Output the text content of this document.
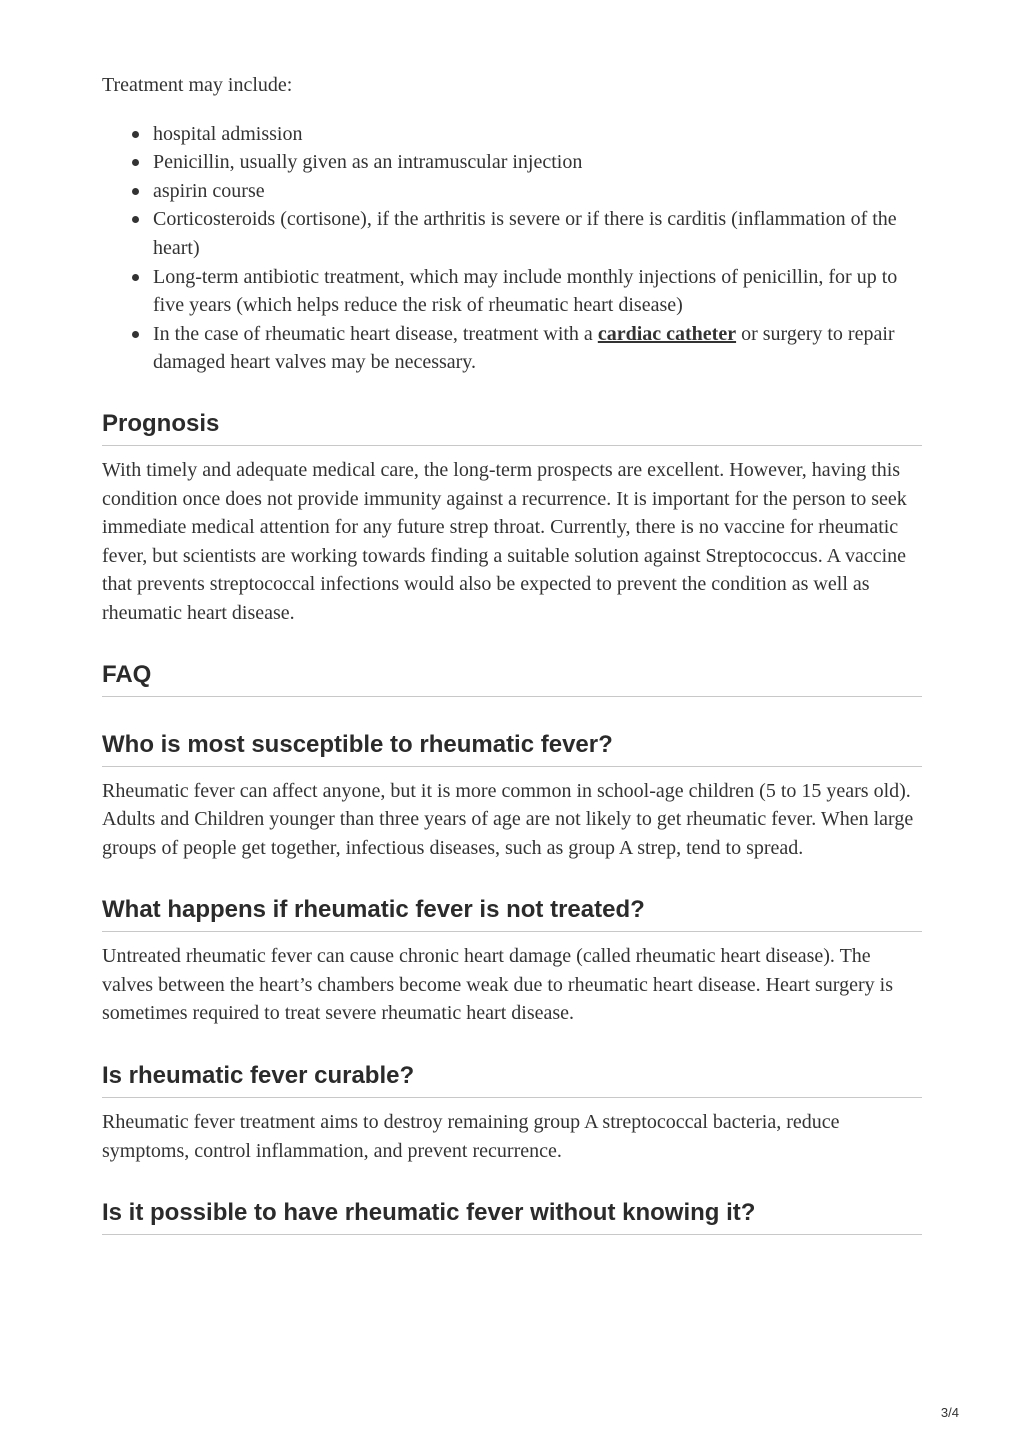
Treatment may include:

hospital admission
Penicillin, usually given as an intramuscular injection
aspirin course
Corticosteroids (cortisone), if the arthritis is severe or if there is carditis (inflammation of the heart)
Long-term antibiotic treatment, which may include monthly injections of penicillin, for up to five years (which helps reduce the risk of rheumatic heart disease)
In the case of rheumatic heart disease, treatment with a cardiac catheter or surgery to repair damaged heart valves may be necessary.
Prognosis

With timely and adequate medical care, the long-term prospects are excellent. However, having this condition once does not provide immunity against a recurrence. It is important for the person to seek immediate medical attention for any future strep throat. Currently, there is no vaccine for rheumatic fever, but scientists are working towards finding a suitable solution against Streptococcus. A vaccine that prevents streptococcal infections would also be expected to prevent the condition as well as rheumatic heart disease.

FAQ
Who is most susceptible to rheumatic fever?

Rheumatic fever can affect anyone, but it is more common in school-age children (5 to 15 years old). Adults and Children younger than three years of age are not likely to get rheumatic fever. When large groups of people get together, infectious diseases, such as group A strep, tend to spread.

What happens if rheumatic fever is not treated?

Untreated rheumatic fever can cause chronic heart damage (called rheumatic heart disease). The valves between the heart’s chambers become weak due to rheumatic heart disease. Heart surgery is sometimes required to treat severe rheumatic heart disease.

Is rheumatic fever curable?

Rheumatic fever treatment aims to destroy remaining group A streptococcal bacteria, reduce symptoms, control inflammation, and prevent recurrence.

Is it possible to have rheumatic fever without knowing it?
3/4
